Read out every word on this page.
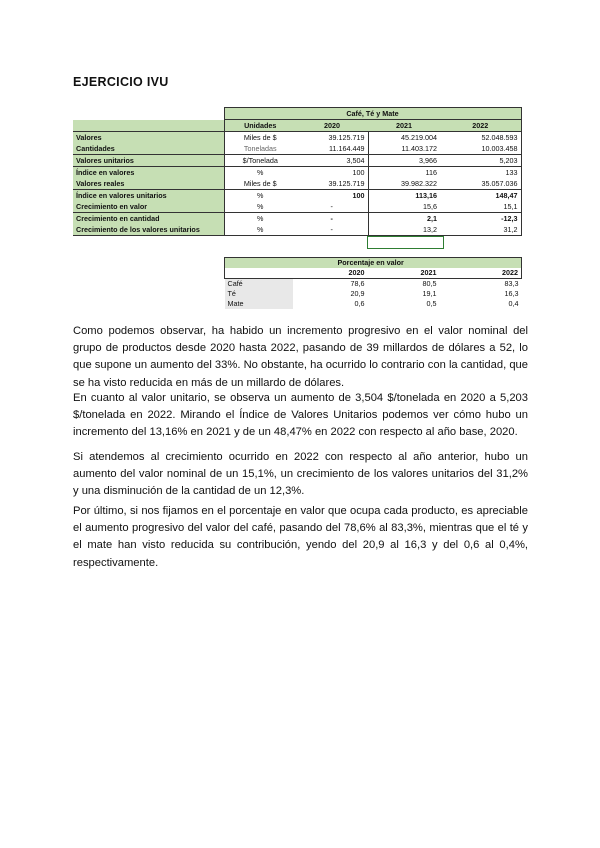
EJERCICIO IVU
	Café, Té y Mate			
	Unidades	2020	2021	2022
Valores	Miles de $	39.125.719	45.219.004	52.048.593
Cantidades	Toneladas	11.164.449	11.403.172	10.003.458
Valores unitarios	$/Tonelada	3,504	3,966	5,203
Índice en valores	%	100	116	133
Valores reales	Miles de $	39.125.719	39.982.322	35.057.036
Índice en valores unitarios	%	100	113,16	148,47
Crecimiento en valor	%	-	15,6	15,1
Crecimiento en cantidad	%	-	2,1	-12,3
Crecimiento de los valores unitarios	%	-	13,2	31,2
	Porcentaje en valor		
	2020	2021	2022
Café	78,6	80,5	83,3
Té	20,9	19,1	16,3
Mate	0,6	0,5	0,4

Como podemos observar, ha habido un incremento progresivo en el valor nominal del grupo de productos desde 2020 hasta 2022, pasando de 39 millardos de dólares a 52, lo que supone un aumento del 33%. No obstante, ha ocurrido lo contrario con la cantidad, que se ha visto reducida en más de un millardo de dólares.

En cuanto al valor unitario, se observa un aumento de 3,504 $/tonelada en 2020 a 5,203 $/tonelada en 2022. Mirando el Índice de Valores Unitarios podemos ver cómo hubo un incremento del 13,16% en 2021 y de un 48,47% en 2022 con respecto al año base, 2020.

Si atendemos al crecimiento ocurrido en 2022 con respecto al año anterior, hubo un aumento del valor nominal de un 15,1%, un crecimiento de los valores unitarios del 31,2% y una disminución de la cantidad de un 12,3%.

Por último, si nos fijamos en el porcentaje en valor que ocupa cada producto, es apreciable el aumento progresivo del valor del café, pasando del 78,6% al 83,3%, mientras que el té y el mate han visto reducida su contribución, yendo del 20,9 al 16,3 y del 0,6 al 0,4%, respectivamente.
